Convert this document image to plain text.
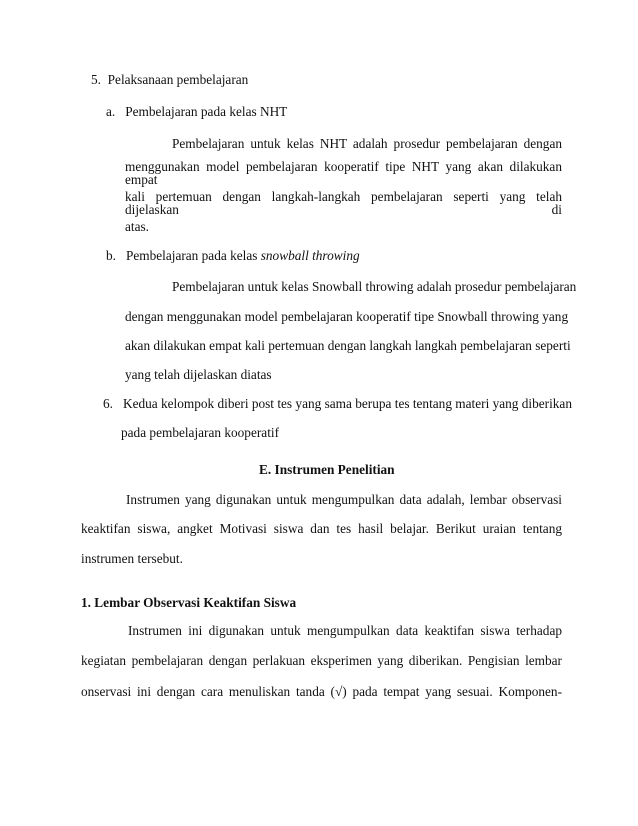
5. Pelaksanaan pembelajaran
a. Pembelajaran pada kelas NHT
Pembelajaran untuk kelas NHT adalah prosedur pembelajaran dengan
menggunakan model pembelajaran kooperatif tipe NHT yang akan dilakukan empat
kali pertemuan dengan langkah-langkah pembelajaran seperti yang telah dijelaskan di
atas.
b. Pembelajaran pada kelas snowball throwing
Pembelajaran untuk kelas Snowball throwing adalah prosedur pembelajaran
dengan menggunakan model pembelajaran kooperatif tipe Snowball throwing yang
akan dilakukan empat kali pertemuan dengan langkah langkah pembelajaran seperti
yang telah dijelaskan diatas
6. Kedua kelompok diberi post tes yang sama berupa tes tentang materi yang diberikan
pada pembelajaran kooperatif
E. Instrumen Penelitian
Instrumen yang digunakan untuk mengumpulkan data adalah, lembar observasi
keaktifan siswa, angket Motivasi siswa dan tes hasil belajar. Berikut uraian tentang
instrumen tersebut.
1. Lembar Observasi Keaktifan Siswa
Instrumen ini digunakan untuk mengumpulkan data keaktifan siswa terhadap
kegiatan pembelajaran dengan perlakuan eksperimen yang diberikan. Pengisian lembar
onservasi ini dengan cara menuliskan tanda (√) pada tempat yang sesuai. Komponen-
